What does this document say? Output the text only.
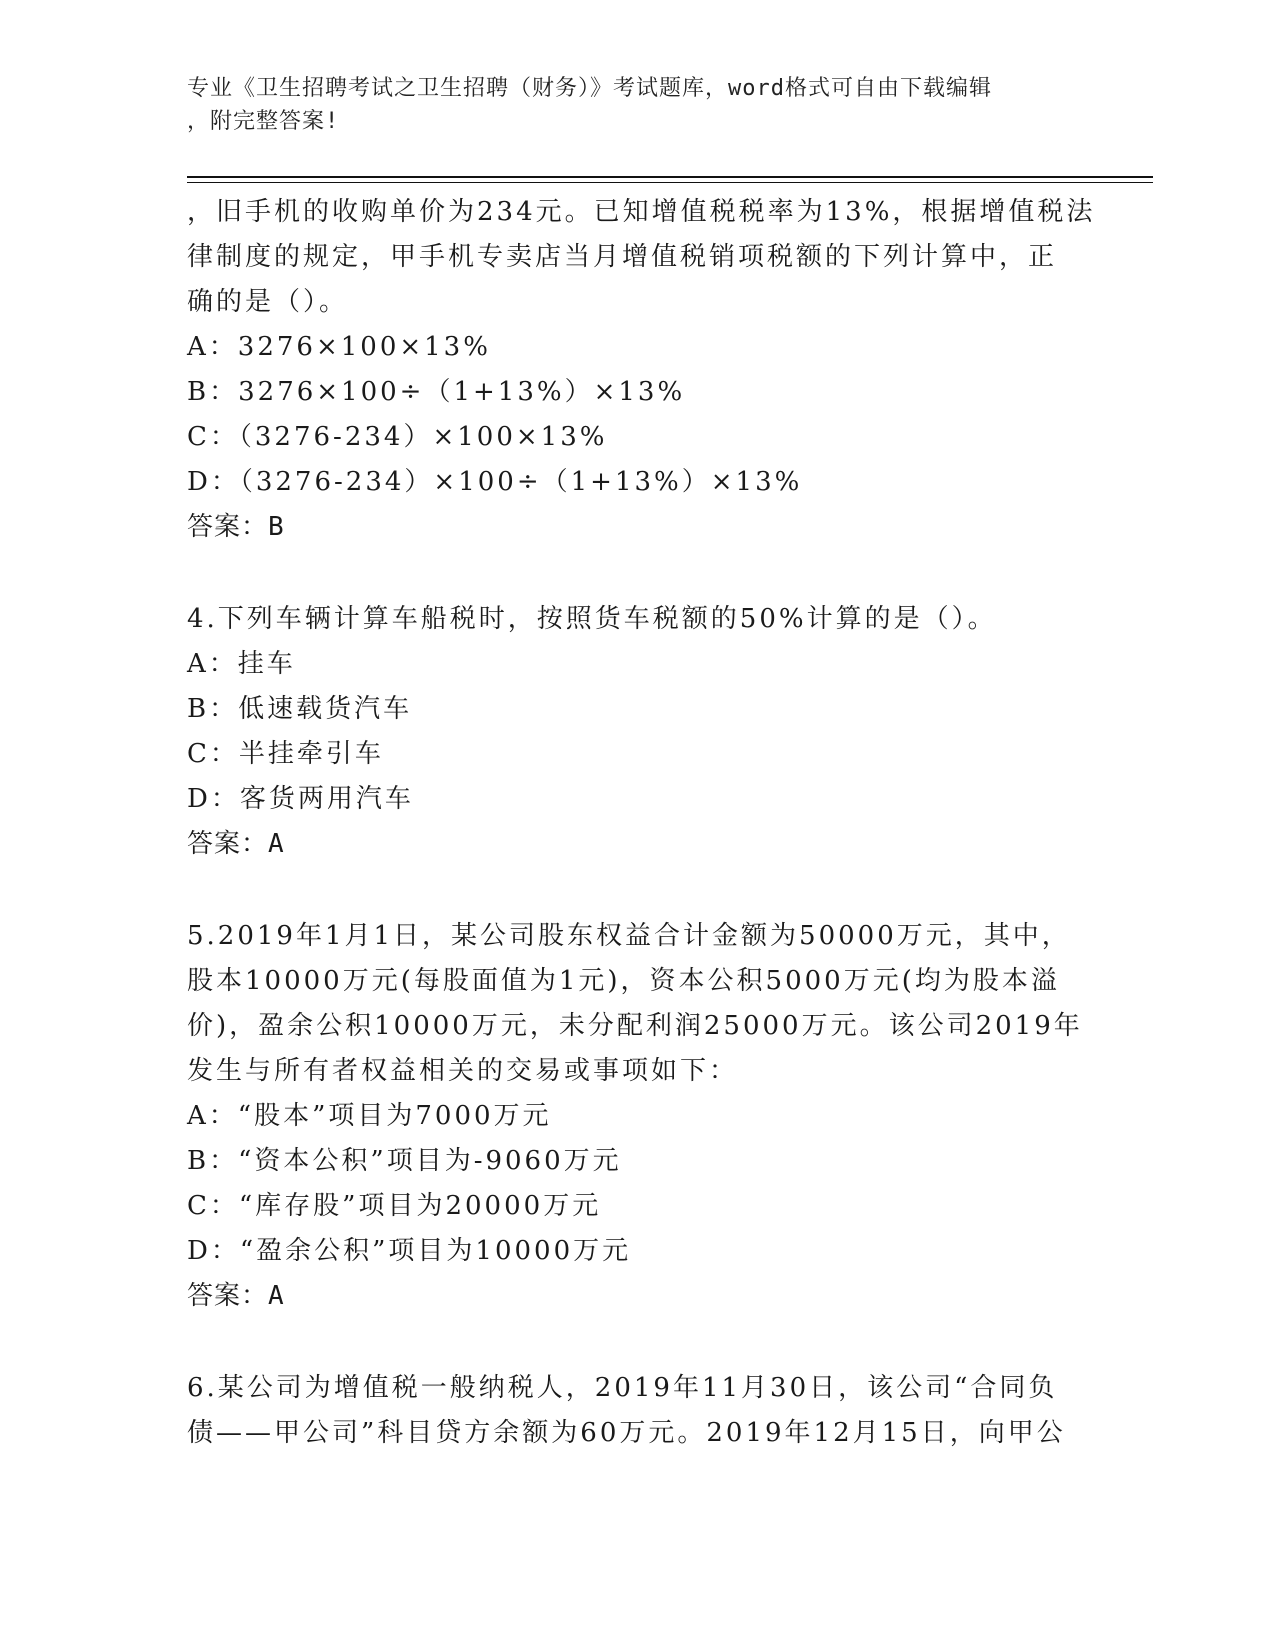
专业《卫生招聘考试之卫生招聘（财务）》考试题库，word格式可自由下载编辑
，附完整答案!
，旧手机的收购单价为234元。已知增值税税率为13%，根据增值税法
律制度的规定，甲手机专卖店当月增值税销项税额的下列计算中，正
确的是（）。
A：3276×100×13%
B：3276×100÷（1+13%）×13%
C：（3276-234）×100×13%
D：（3276-234）×100÷（1+13%）×13%
答案：B
4.下列车辆计算车船税时，按照货车税额的50%计算的是（）。
A：挂车
B：低速载货汽车
C：半挂牵引车
D：客货两用汽车
答案：A
5.2019年1月1日，某公司股东权益合计金额为50000万元，其中，
股本10000万元(每股面值为1元)，资本公积5000万元(均为股本溢
价)，盈余公积10000万元，未分配利润25000万元。该公司2019年
发生与所有者权益相关的交易或事项如下：
A：“股本”项目为7000万元
B：“资本公积”项目为-9060万元
C：“库存股”项目为20000万元
D：“盈余公积”项目为10000万元
答案：A
6.某公司为增值税一般纳税人，2019年11月30日，该公司“合同负
债——甲公司”科目贷方余额为60万元。2019年12月15日，向甲公
